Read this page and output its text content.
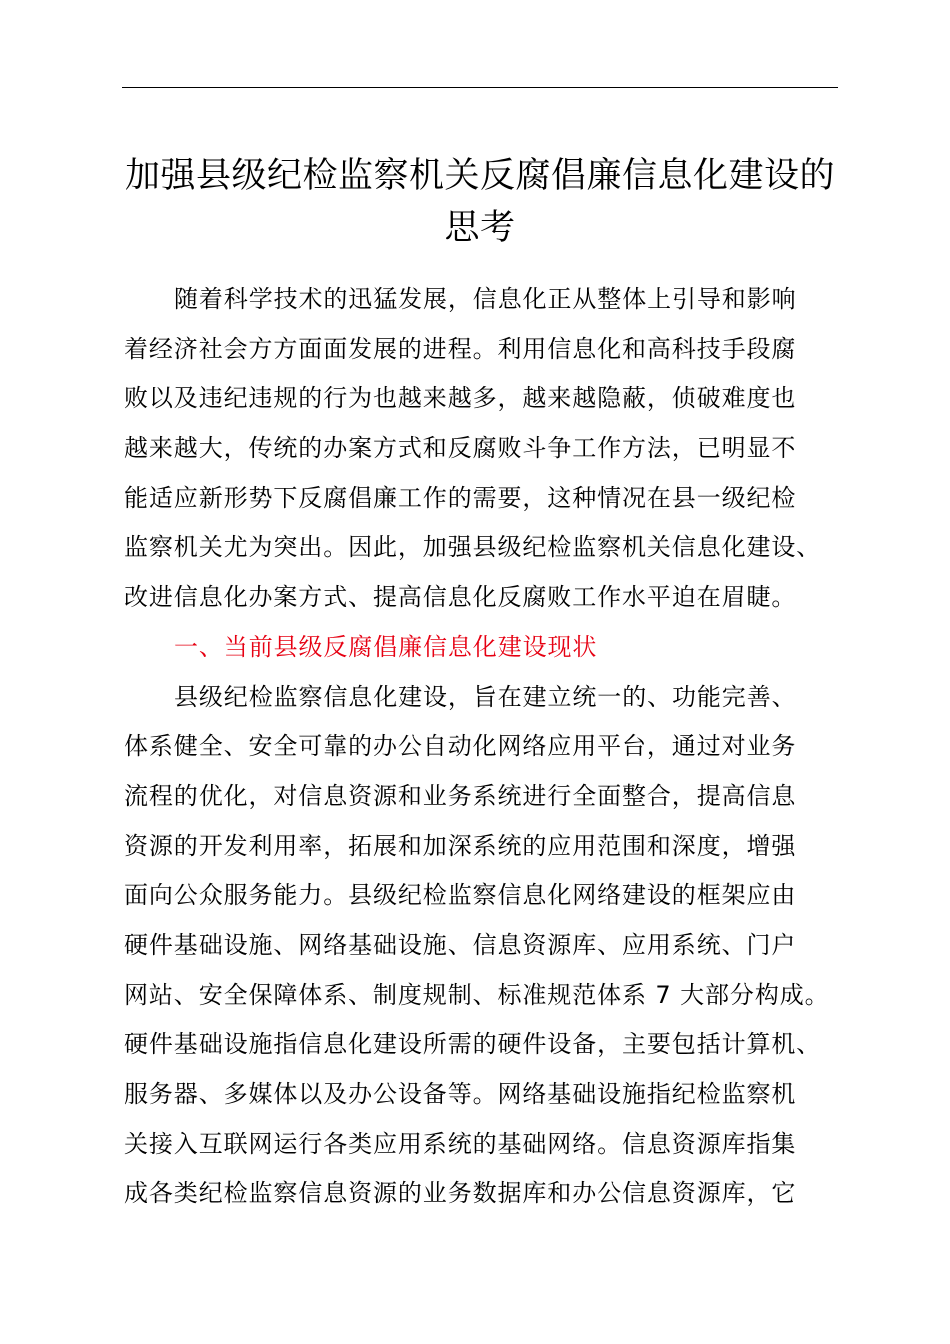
加强县级纪检监察机关反腐倡廉信息化建设的
思考
随着科学技术的迅猛发展，信息化正从整体上引导和影响
着经济社会方方面面发展的进程。利用信息化和高科技手段腐
败以及违纪违规的行为也越来越多，越来越隐蔽，侦破难度也
越来越大，传统的办案方式和反腐败斗争工作方法，已明显不
能适应新形势下反腐倡廉工作的需要，这种情况在县一级纪检
监察机关尤为突出。因此，加强县级纪检监察机关信息化建设、
改进信息化办案方式、提高信息化反腐败工作水平迫在眉睫。
一、当前县级反腐倡廉信息化建设现状
县级纪检监察信息化建设，旨在建立统一的、功能完善、
体系健全、安全可靠的办公自动化网络应用平台，通过对业务
流程的优化，对信息资源和业务系统进行全面整合，提高信息
资源的开发利用率，拓展和加深系统的应用范围和深度，增强
面向公众服务能力。县级纪检监察信息化网络建设的框架应由
硬件基础设施、网络基础设施、信息资源库、应用系统、门户
网站、安全保障体系、制度规制、标准规范体系 7 大部分构成。
硬件基础设施指信息化建设所需的硬件设备，主要包括计算机、
服务器、多媒体以及办公设备等。网络基础设施指纪检监察机
关接入互联网运行各类应用系统的基础网络。信息资源库指集
成各类纪检监察信息资源的业务数据库和办公信息资源库，它
